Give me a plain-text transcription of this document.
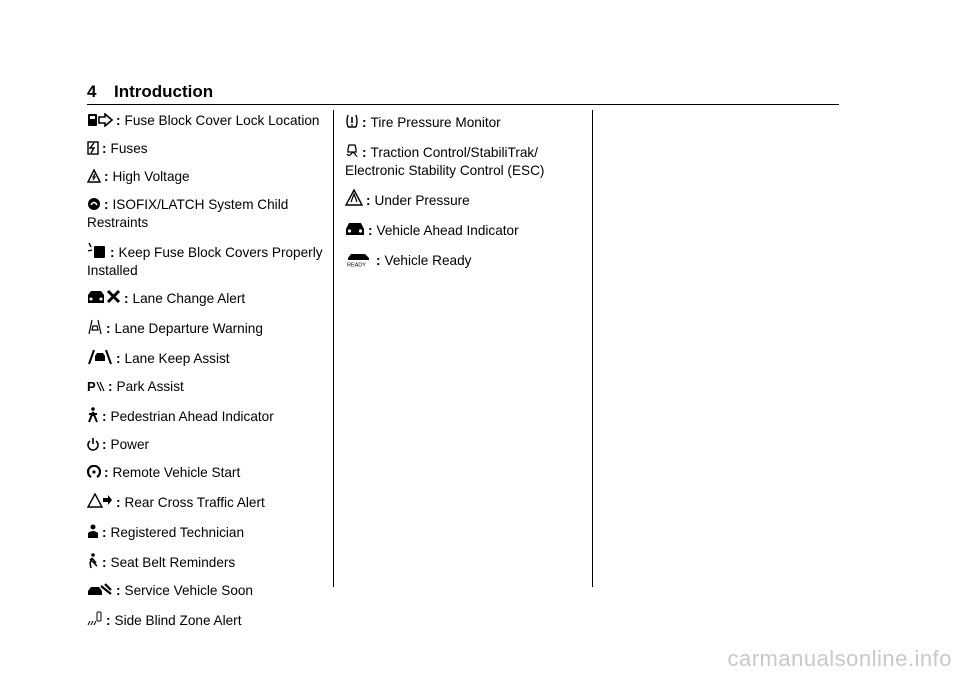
4 Introduction
: Fuse Block Cover Lock Location
: Fuses
: High Voltage
: ISOFIX/LATCH System Child Restraints
: Keep Fuse Block Covers Properly Installed
: Lane Change Alert
: Lane Departure Warning
: Lane Keep Assist
P : Park Assist
: Pedestrian Ahead Indicator
: Power
: Remote Vehicle Start
: Rear Cross Traffic Alert
: Registered Technician
: Seat Belt Reminders
: Service Vehicle Soon
: Side Blind Zone Alert
: Tire Pressure Monitor
: Traction Control/StabiliTrak/ Electronic Stability Control (ESC)
: Under Pressure
: Vehicle Ahead Indicator
READY : Vehicle Ready
carmanualsonline.info
